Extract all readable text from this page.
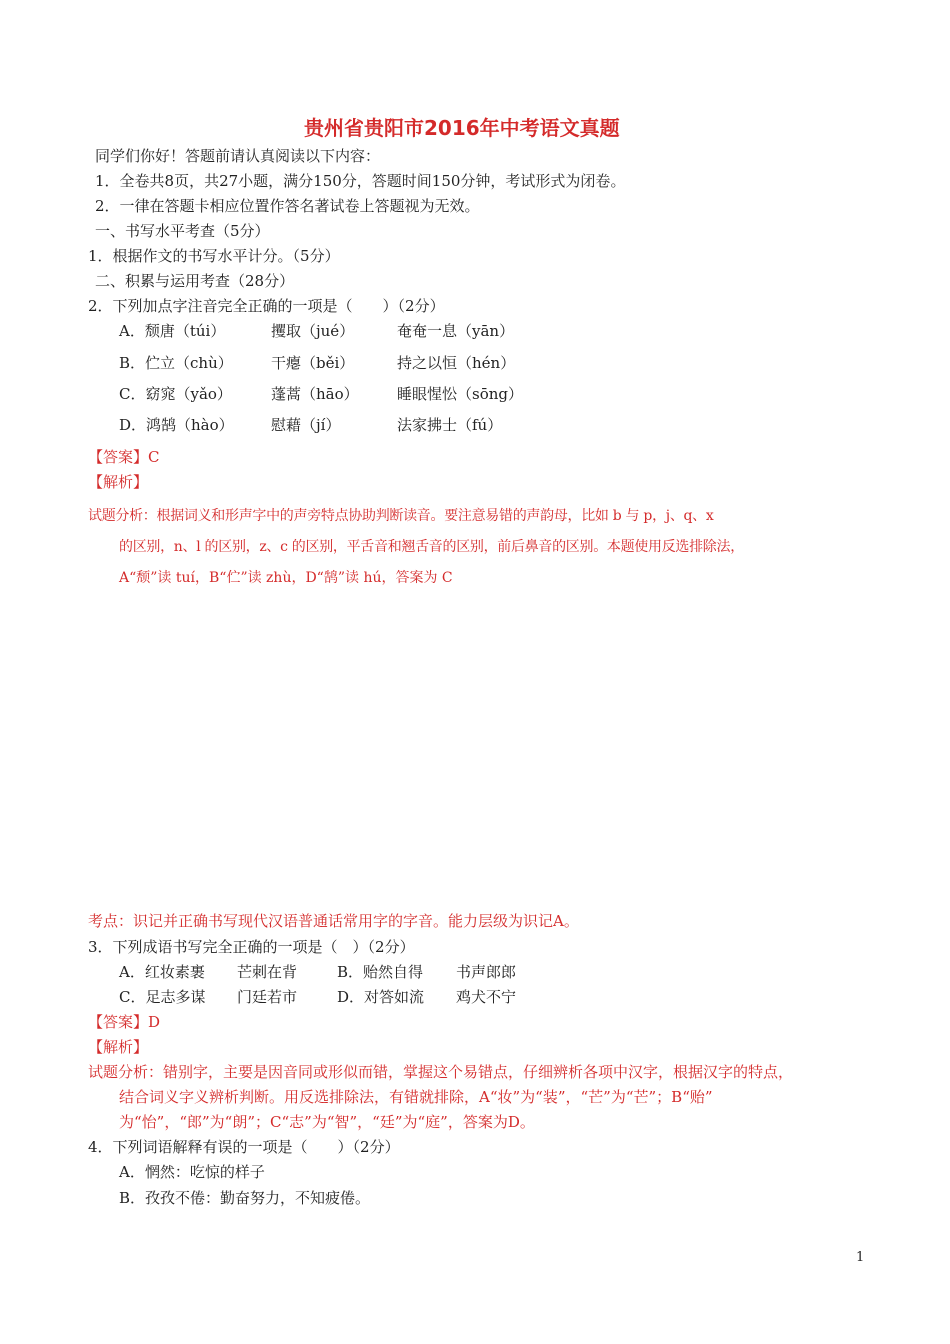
贵州省贵阳市2016年中考语文真题
同学们你好！答题前请认真阅读以下内容：
1．全卷共8页，共27小题，满分150分，答题时间150分钟，考试形式为闭卷。
2．一律在答题卡相应位置作答名著试卷上答题视为无效。
一、书写水平考查（5分）
1．根据作文的书写水平计分。（5分）
二、积累与运用考查（28分）
2．下列加点字注音完全正确的一项是（　　）（2分）
A．颓唐（túi）	攫取（jué）	奄奄一息（yān）
B．伫立（chù）	干瘪（běi）	持之以恒（hén）
C．窈窕（yǎo）	蓬蒿（hāo）	睡眼惺忪（sōng）
D．鸿鹄（hào） 慰藉（jí）	法家拂士（fú）
【答案】C
【解析】
试题分析：根据词义和形声字中的声旁特点协助判断读音。要注意易错的声韵母，比如 b 与 p，j、q、x
的区别，n、l 的区别，z、c 的区别，平舌音和翘舌音的区别，前后鼻音的区别。本题使用反选排除法，
A“颓”读 tuí，B“伫”读 zhù，D“鹄”读 hú，答案为 C
考点：识记并正确书写现代汉语普通话常用字的字音。能力层级为识记A。
3．下列成语书写完全正确的一项是（　）（2分）
A．红妆素裹 芒刺在背	B．贻然自得 书声郎郎
C．足志多谋 门廷若市	D．对答如流 鸡犬不宁
【答案】D
【解析】
试题分析：错别字，主要是因音同或形似而错，掌握这个易错点，仔细辨析各项中汉字，根据汉字的特点，
结合词义字义辨析判断。用反选排除法，有错就排除，A“妆”为“装”，“芒”为“芒”；B“贻”
为“怡”，“郎”为“朗”；C“志”为“智”，“廷”为“庭”，答案为D。
4．下列词语解释有误的一项是（　　）（2分）
A．惘然：吃惊的样子
B．孜孜不倦：勤奋努力，不知疲倦。
1
